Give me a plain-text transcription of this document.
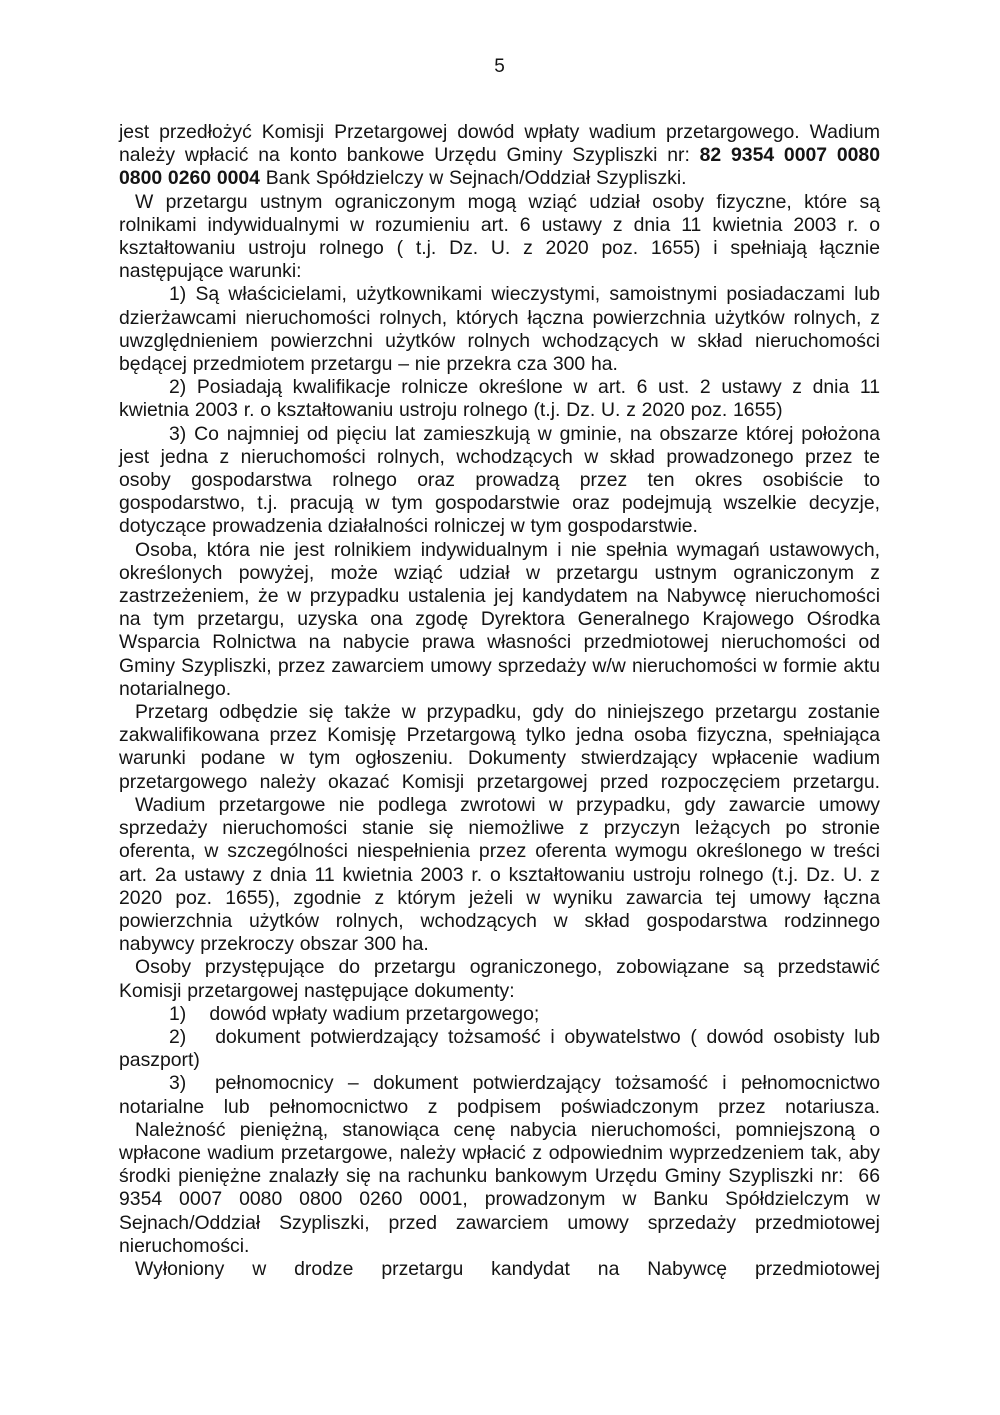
5

jest przedłożyć Komisji Przetargowej dowód wpłaty wadium przetargowego. Wadium należy wpłacić na konto bankowe Urzędu Gminy Szypliszki nr: 82 9354 0007 0080 0800 0260 0004 Bank Spółdzielczy w Sejnach/Oddział Szypliszki.

W przetargu ustnym ograniczonym mogą wziąć udział osoby fizyczne, które są rolnikami indywidualnymi w rozumieniu art. 6 ustawy z dnia 11 kwietnia 2003 r. o kształtowaniu ustroju rolnego ( t.j. Dz. U. z 2020 poz. 1655) i spełniają łącznie następujące warunki:

1) Są właścicielami, użytkownikami wieczystymi, samoistnymi posiadaczami lub dzierżawcami nieruchomości rolnych, których łączna powierzchnia użytków rolnych, z uwzględnieniem powierzchni użytków rolnych wchodzących w skład nieruchomości będącej przedmiotem przetargu – nie przekra cza 300 ha.

2) Posiadają kwalifikacje rolnicze określone w art. 6 ust. 2 ustawy z dnia 11 kwietnia 2003 r. o kształtowaniu ustroju rolnego (t.j. Dz. U. z 2020 poz. 1655)

3) Co najmniej od pięciu lat zamieszkują w gminie, na obszarze której położona jest jedna z nieruchomości rolnych, wchodzących w skład prowadzonego przez te osoby gospodarstwa rolnego oraz prowadzą przez ten okres osobiście to gospodarstwo, t.j. pracują w tym gospodarstwie oraz podejmują wszelkie decyzje, dotyczące prowadzenia działalności rolniczej w tym gospodarstwie.

Osoba, która nie jest rolnikiem indywidualnym i nie spełnia wymagań ustawowych, określonych powyżej, może wziąć udział w przetargu ustnym ograniczonym z zastrzeżeniem, że w przypadku ustalenia jej kandydatem na Nabywcę nieruchomości na tym przetargu, uzyska ona zgodę Dyrektora Generalnego Krajowego Ośrodka Wsparcia Rolnictwa na nabycie prawa własności przedmiotowej nieruchomości od Gminy Szypliszki, przez zawarciem umowy sprzedaży w/w nieruchomości w formie aktu notarialnego.

Przetarg odbędzie się także w przypadku, gdy do niniejszego przetargu zostanie zakwalifikowana przez Komisję Przetargową tylko jedna osoba fizyczna, spełniająca warunki podane w tym ogłoszeniu. Dokumenty stwierdzający wpłacenie wadium przetargowego należy okazać Komisji przetargowej przed rozpoczęciem przetargu.

Wadium przetargowe nie podlega zwrotowi w przypadku, gdy zawarcie umowy sprzedaży nieruchomości stanie się niemożliwe z przyczyn leżących po stronie oferenta, w szczególności niespełnienia przez oferenta wymogu określonego w treści art. 2a ustawy z dnia 11 kwietnia 2003 r. o kształtowaniu ustroju rolnego (t.j. Dz. U. z 2020 poz. 1655), zgodnie z którym jeżeli w wyniku zawarcia tej umowy łączna powierzchnia użytków rolnych, wchodzących w skład gospodarstwa rodzinnego nabywcy przekroczy obszar 300 ha.

Osoby przystępujące do przetargu ograniczonego, zobowiązane są przedstawić Komisji przetargowej następujące dokumenty:

1)    dowód wpłaty wadium przetargowego;

2)   dokument potwierdzający tożsamość i obywatelstwo ( dowód osobisty lub paszport)

3)  pełnomocnicy – dokument potwierdzający tożsamość i pełnomocnictwo notarialne lub pełnomocnictwo z podpisem poświadczonym przez notariusza.

Należność pieniężną, stanowiąca cenę nabycia nieruchomości, pomniejszoną o wpłacone wadium przetargowe, należy wpłacić z odpowiednim wyprzedzeniem tak, aby środki pieniężne znalazły się na rachunku bankowym Urzędu Gminy Szypliszki nr:  66 9354 0007 0080 0800 0260 0001, prowadzonym w Banku Spółdzielczym w Sejnach/Oddział Szypliszki, przed zawarciem umowy sprzedaży przedmiotowej nieruchomości.

Wyłoniony w drodze przetargu kandydat na Nabywcę przedmiotowej
